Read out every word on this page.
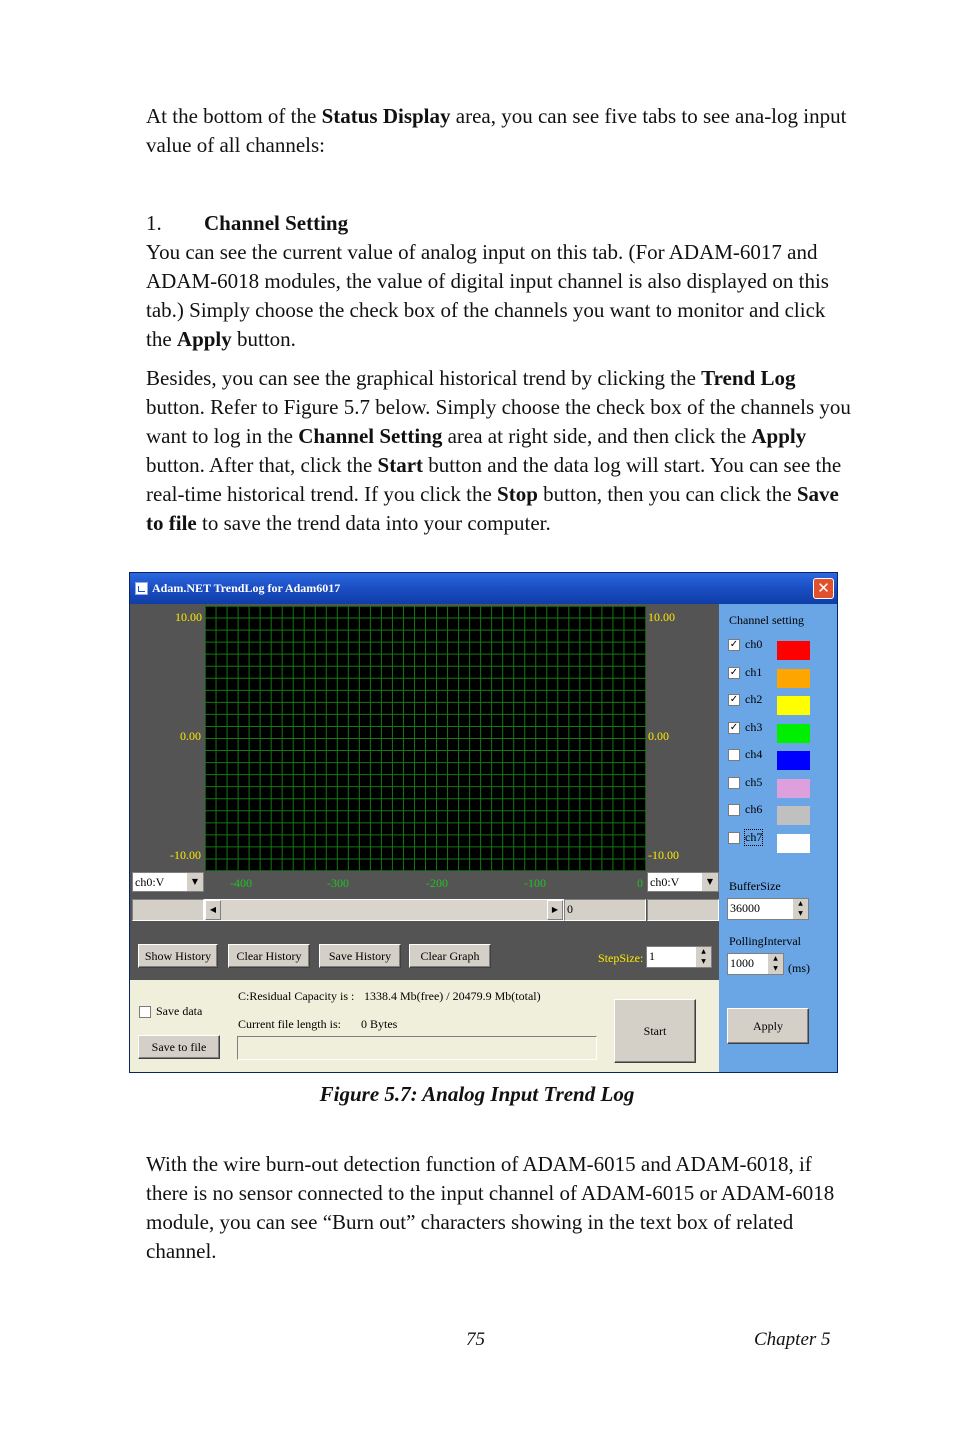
At the bottom of the Status Display area, you can see five tabs to see ana-log input value of all channels:

1. Channel Setting

You can see the current value of analog input on this tab. (For ADAM-6017 and ADAM-6018 modules, the value of digital input channel is also displayed on this tab.) Simply choose the check box of the channels you want to monitor and click the Apply button.

Besides, you can see the graphical historical trend by clicking the Trend Log button. Refer to Figure 5.7 below. Simply choose the check box of the channels you want to log in the Channel Setting area at right side, and then click the Apply button. After that, click the Start button and the data log will start. You can see the real-time historical trend. If you click the Stop button, then you can click the Save to file to save the trend data into your computer.

Adam.NET TrendLog for Adam6017	✕
10.00
0.00
-10.00
10.00
0.00
-10.00
-400	-300	-200	-100	0
ch0:V	▼	ch0:V	▼
◀	▶ 0
Show History	Clear History	Save History	Clear Graph	StepSize: 1	▲
▼
Save data
Save to file
C:Residual Capacity is : 1338.4 Mb(free) / 20479.9 Mb(total)
Current file length is: 0 Bytes	Start
Channel setting
BufferSize
36000	▲
▼
PollingInterval
1000	▲
▼ (ms)
Apply
✓ ch0
✓ ch1
✓ ch2
✓ ch3
ch4
ch5
ch6
ch7
Figure 5.7: Analog Input Trend Log

With the wire burn-out detection function of ADAM-6015 and ADAM-6018, if there is no sensor connected to the input channel of ADAM-6015 or ADAM-6018 module, you can see “Burn out” characters showing in the text box of related channel.

75	Chapter 5
